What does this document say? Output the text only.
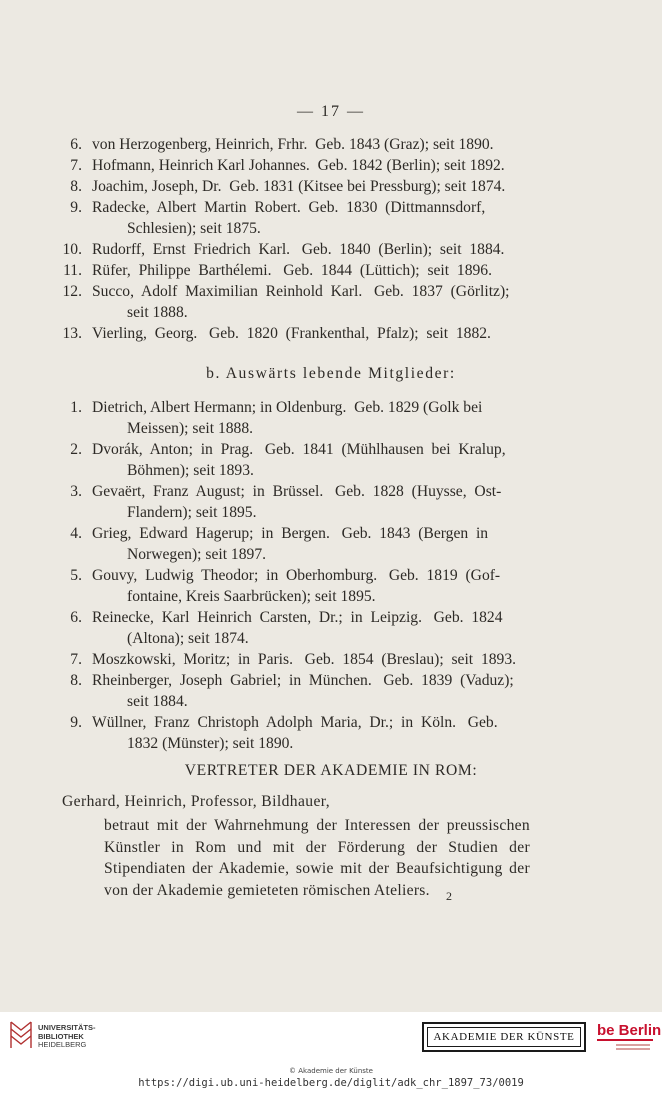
— 17 —
6. von Herzogenberg, Heinrich, Frhr.  Geb. 1843 (Graz); seit 1890.
7. Hofmann, Heinrich Karl Johannes.  Geb. 1842 (Berlin); seit 1892.
8. Joachim, Joseph, Dr.  Geb. 1831 (Kitsee bei Pressburg); seit 1874.
9. Radecke,  Albert  Martin  Robert.  Geb.  1830  (Dittmannsdorf,
Schlesien); seit 1875.
10. Rudorff,  Ernst  Friedrich  Karl.   Geb.  1840  (Berlin);  seit  1884.
11. Rüfer,  Philippe  Barthélemi.   Geb.  1844  (Lüttich);  seit  1896.
12. Succo,  Adolf  Maximilian  Reinhold  Karl.   Geb.  1837  (Görlitz);
seit 1888.
13. Vierling,  Georg.   Geb.  1820  (Frankenthal,  Pfalz);  seit  1882.
b. Auswärts lebende Mitglieder:
1. Dietrich, Albert Hermann; in Oldenburg.  Geb. 1829 (Golk bei
Meissen); seit 1888.
2. Dvorák,  Anton;  in  Prag.   Geb.  1841  (Mühlhausen  bei  Kralup,
Böhmen); seit 1893.
3. Gevaërt,  Franz  August;  in  Brüssel.   Geb.  1828  (Huysse,  Ost-
Flandern); seit 1895.
4. Grieg,  Edward  Hagerup;  in  Bergen.   Geb.  1843  (Bergen  in
Norwegen); seit 1897.
5. Gouvy,  Ludwig  Theodor;  in  Oberhomburg.   Geb.  1819  (Gof-
fontaine, Kreis Saarbrücken); seit 1895.
6. Reinecke,  Karl  Heinrich  Carsten,  Dr.;  in  Leipzig.   Geb.  1824
(Altona); seit 1874.
7. Moszkowski,  Moritz;  in  Paris.   Geb.  1854  (Breslau);  seit  1893.
8. Rheinberger,  Joseph  Gabriel;  in  München.   Geb.  1839  (Vaduz);
seit 1884.
9. Wüllner,  Franz  Christoph  Adolph  Maria,  Dr.;  in  Köln.   Geb.
1832 (Münster); seit 1890.
VERTRETER DER AKADEMIE IN ROM:
Gerhard, Heinrich, Professor, Bildhauer,
betraut mit der Wahrnehmung der Interessen der preussischen Künstler in Rom und mit der Förderung der Studien der Stipendiaten der Akademie, sowie mit der Beaufsichtigung der von der Akademie gemieteten römischen Ateliers.	2
UNIVERSITÄTS-
BIBLIOTHEK
HEIDELBERG
AKADEMIE DER KÜNSTE	be Berlin
© Akademie der Künste
https://digi.ub.uni-heidelberg.de/diglit/adk_chr_1897_73/0019
